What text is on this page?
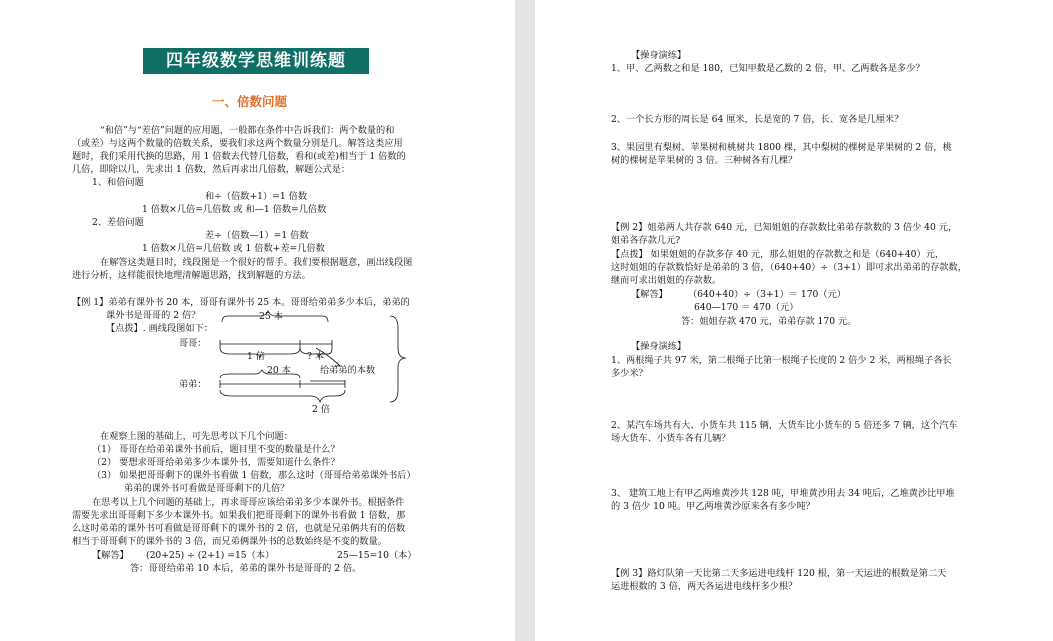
四年级数学思维训练题
一、倍数问题
“和倍”与“差倍”问题的应用题，一般都在条件中告诉我们：两个数量的和
（或差）与这两个数量的倍数关系，要我们求这两个数量分别是几。解答这类应用
题时，我们采用代换的思路，用 1 倍数去代替几倍数，看和(或差)相当于 1 倍数的
几倍，即除以几，先求出 1 倍数，然后再求出几倍数，解题公式是：
1、和倍问题
和÷（倍数+1）=1 倍数
1 倍数×几倍=几倍数 或 和—1 倍数=几倍数
2、差倍问题
差÷（倍数—1）=1 倍数
1 倍数×几倍=几倍数 或 1 倍数+差=几倍数
在解答这类题目时，线段图是一个很好的帮手。我们要根据题意，画出线段图
进行分析，这样能很快地理清解题思路，找到解题的方法。
【例 1】弟弟有课外书 20 本，哥哥有课外书 25 本。哥哥给弟弟多少本后，弟弟的
课外书是哥哥的 2 倍？
【点拨】. 画线段图如下：
25 本
哥哥：
1 倍	? 本
20 本	给弟弟的本数
弟弟：
2 倍
在观察上图的基础上，可先思考以下几个问题：
（1） 哥哥在给弟弟课外书前后，题目里不变的数量是什么？
（2） 要想求哥哥给弟弟多少本课外书，需要知道什么条件？
（3） 如果把哥哥剩下的课外书看做 1 倍数，那么这时（哥哥给弟弟课外书后）
弟弟的课外书可看做是哥哥剩下的几倍？
在思考以上几个问题的基础上，再求哥哥应该给弟弟多少本课外书。根据条件
需要先求出哥哥剩下多少本课外书。如果我们把哥哥剩下的课外书看做 1 倍数，那
么这时弟弟的课外书可看做是哥哥剩下的课外书的 2 倍，也就是兄弟俩共有的倍数
相当于哥哥剩下的课外书的 3 倍，而兄弟俩课外书的总数始终是不变的数量。
【解答】 (20+25) ÷ (2+1) =15（本）	25—15=10（本）
答：哥哥给弟弟 10 本后，弟弟的课外书是哥哥的 2 倍。
【操身演练】
1、甲、乙两数之和是 180，已知甲数是乙数的 2 倍，甲、乙两数各是多少？
2、一个长方形的周长是 64 厘米，长是宽的 7 倍，长、宽各是几厘米？
3、果园里有梨树、苹果树和桃树共 1800 棵，其中梨树的棵树是苹果树的 2 倍，桃
树的棵树是苹果树的 3 倍。三种树各有几棵？
【例 2】姐弟两人共存款 640 元，已知姐姐的存款数比弟弟存款数的 3 倍少 40 元，
姐弟各存款几元?
【点拨】 如果姐姐的存款多存 40 元，那么姐姐的存款数之和是（640+40）元，
这时姐姐的存款数恰好是弟弟的 3 倍，（640+40）÷（3+1）即可求出弟弟的存款数，
继而可求出姐姐的存款数。
【解答】 （640+40）÷（3+1）＝ 170（元）
640—170 ＝ 470（元）
答：姐姐存款 470 元，弟弟存款 170 元。
【操身演练】
1、两根绳子共 97 米，第二根绳子比第一根绳子长度的 2 倍少 2 米，两根绳子各长
多少米？
2、某汽车场共有大、小货车共 115 辆，大货车比小货车的 5 倍还多 7 辆，这个汽车
场大货车、小货车各有几辆？
3、 建筑工地上有甲乙两堆黄沙共 128 吨，甲堆黄沙用去 34 吨后，乙堆黄沙比甲堆
的 3 倍少 10 吨。甲乙两堆黄沙原来各有多少吨？
【例 3】路灯队第一天比第二天多运进电线杆 120 根，第一天运进的根数是第二天
运进根数的 3 倍，两天各运进电线杆多少根？
